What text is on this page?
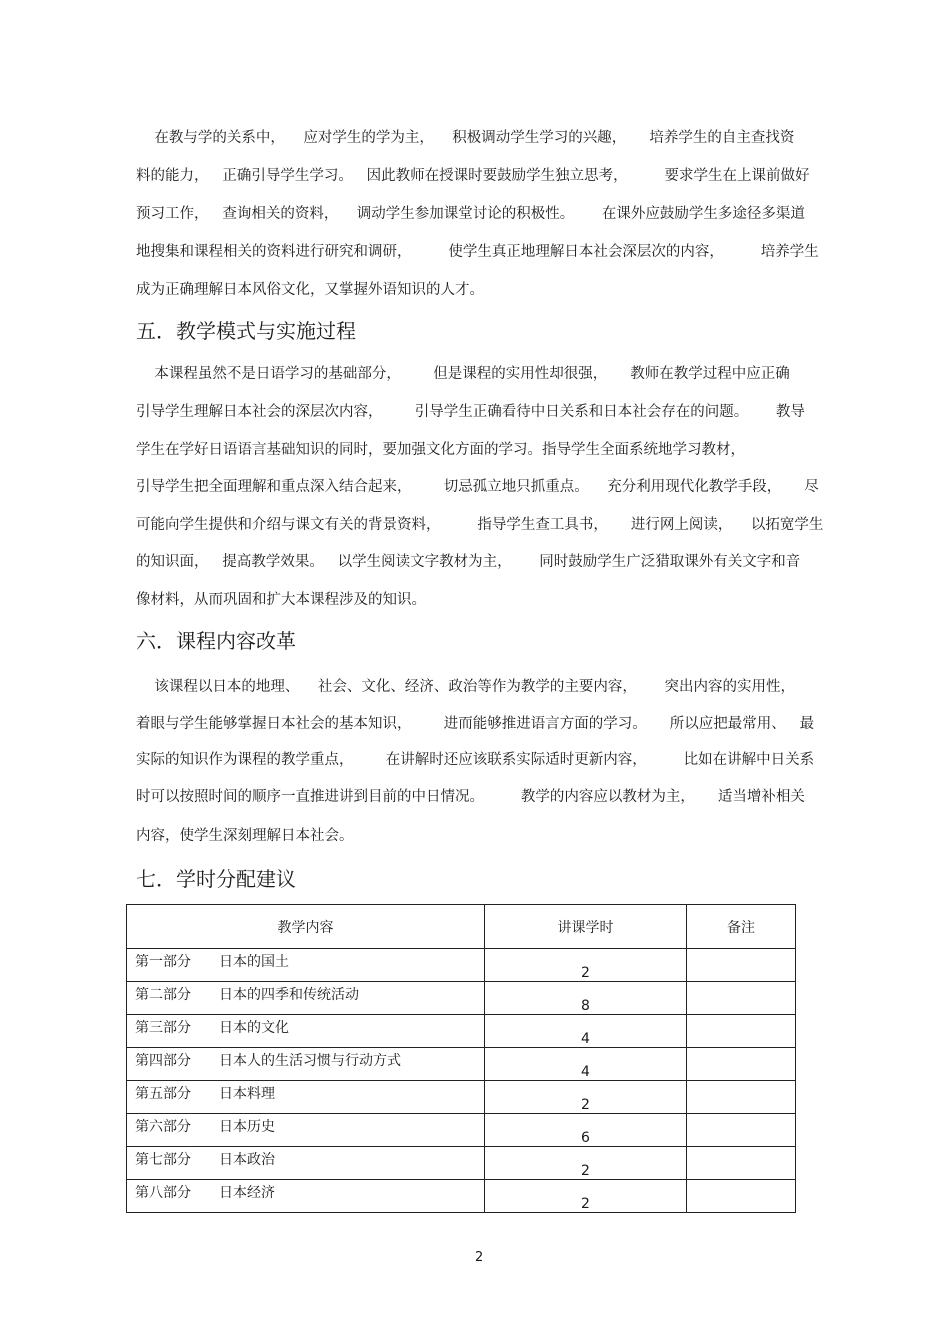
在教与学的关系中，    应对学生的学为主，    积极调动学生学习的兴趣，     培养学生的自主查找资
料的能力，   正确引导学生学习。   因此教师在授课时要鼓励学生独立思考，        要求学生在上课前做好
预习工作，   查询相关的资料，    调动学生参加课堂讨论的积极性。      在课外应鼓励学生多途径多渠道
地搜集和课程相关的资料进行研究和调研，        使学生真正地理解日本社会深层次的内容，        培养学生
成为正确理解日本风俗文化，又掌握外语知识的人才。
五．教学模式与实施过程
本课程虽然不是日语学习的基础部分，       但是课程的实用性却很强，     教师在教学过程中应正确
引导学生理解日本社会的深层次内容，       引导学生正确看待中日关系和日本社会存在的问题。      教导
学生在学好日语语言基础知识的同时，要加强文化方面的学习。指导学生全面系统地学习教材，
引导学生把全面理解和重点深入结合起来，       切忌孤立地只抓重点。    充分利用现代化教学手段，     尽
可能向学生提供和介绍与课文有关的背景资料，        指导学生查工具书，     进行网上阅读，    以拓宽学生
的知识面，   提高教学效果。   以学生阅读文字教材为主，      同时鼓励学生广泛猎取课外有关文字和音
像材料，从而巩固和扩大本课程涉及的知识。
六．课程内容改革
该课程以日本的地理、    社会、文化、经济、政治等作为教学的主要内容，      突出内容的实用性，
着眼与学生能够掌握日本社会的基本知识，       进而能够推进语言方面的学习。     所以应把最常用、   最
实际的知识作为课程的教学重点，       在讲解时还应该联系实际适时更新内容，        比如在讲解中日关系
时可以按照时间的顺序一直推进讲到目前的中日情况。        教学的内容应以教材为主，     适当增补相关
内容，使学生深刻理解日本社会。
七．学时分配建议
教学内容	讲课学时	备注

第一部分 日本的国土	2	

第二部分 日本的四季和传统活动	8	

第三部分 日本的文化	4	

第四部分 日本人的生活习惯与行动方式	4	

第五部分 日本料理	2	

第六部分 日本历史	6	

第七部分 日本政治	2	

第八部分 日本经济	2	
2
